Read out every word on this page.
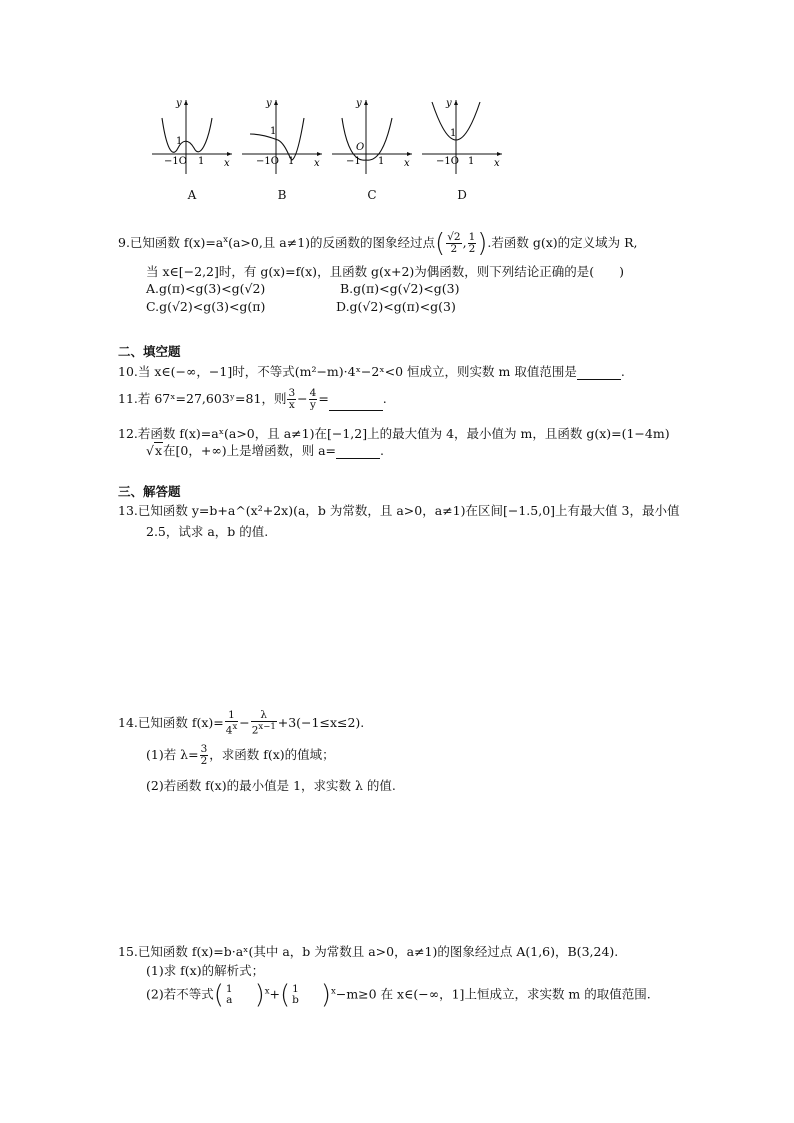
y
x
1
−1O 1
A
y
x
1
−1O 1
B
y
x
O
−1 1
C
y
x
1
−1O 1
D
9.已知函数 $f(x)=a^x(a>0$,且 a≠1)的反函数的图象经过点( $\frac{√2}{2}$ , $\frac{1}{2}$ ).若函数 g(x)的定义域为 R,
当 x∈[−2,2]时，有 g(x)=f(x)，且函数 g(x+2)为偶函数，则下列结论正确的是(　　)
A.g(π)<g(3)<g(√2)	B.g(π)<g(√2)<g(3)
C.g(√2)<g(3)<g(π)	D.g(√2)<g(π)<g(3)
二、填空题
10.当 x∈(−∞，−1]时，不等式(m²−m)·4ˣ−2ˣ<0 恒成立，则实数 m 取值范围是	.
11.若 67ˣ=27,603ʸ=81，则 $\frac{3}{x} - \frac{4}{y}$ =	.
12.若函数 f(x)=aˣ(a>0，且 a≠1)在[−1,2]上的最大值为 4，最小值为 m，且函数 g(x)=(1−4m)
√x在[0，+∞)上是增函数，则 a=	.
三、解答题
13.已知函数 y=b+a^(x²+2x)(a，b 为常数，且 a>0，a≠1)在区间[−1.5,0]上有最大值 3，最小值
2.5，试求 a，b 的值.
14.已知函数 $f(x)= \frac{1}{4^x} - \frac{\lambda}{2^{x-1}} +3(-1\le x\le 2)$.
(1)若 $\lambda= \frac{3}{2}$ ，求函数 f(x)的值域；
(2)若函数 f(x)的最小值是 1，求实数 λ 的值.
15.已知函数 f(x)=b·aˣ(其中 a，b 为常数且 a>0，a≠1)的图象经过点 A(1,6)，B(3,24).
(1)求 f(x)的解析式；
(2)若不等式( 1
a )$^x$+( 1
b )$^x$−m≥0 在 x∈(−∞，1]上恒成立，求实数 m 的取值范围.
